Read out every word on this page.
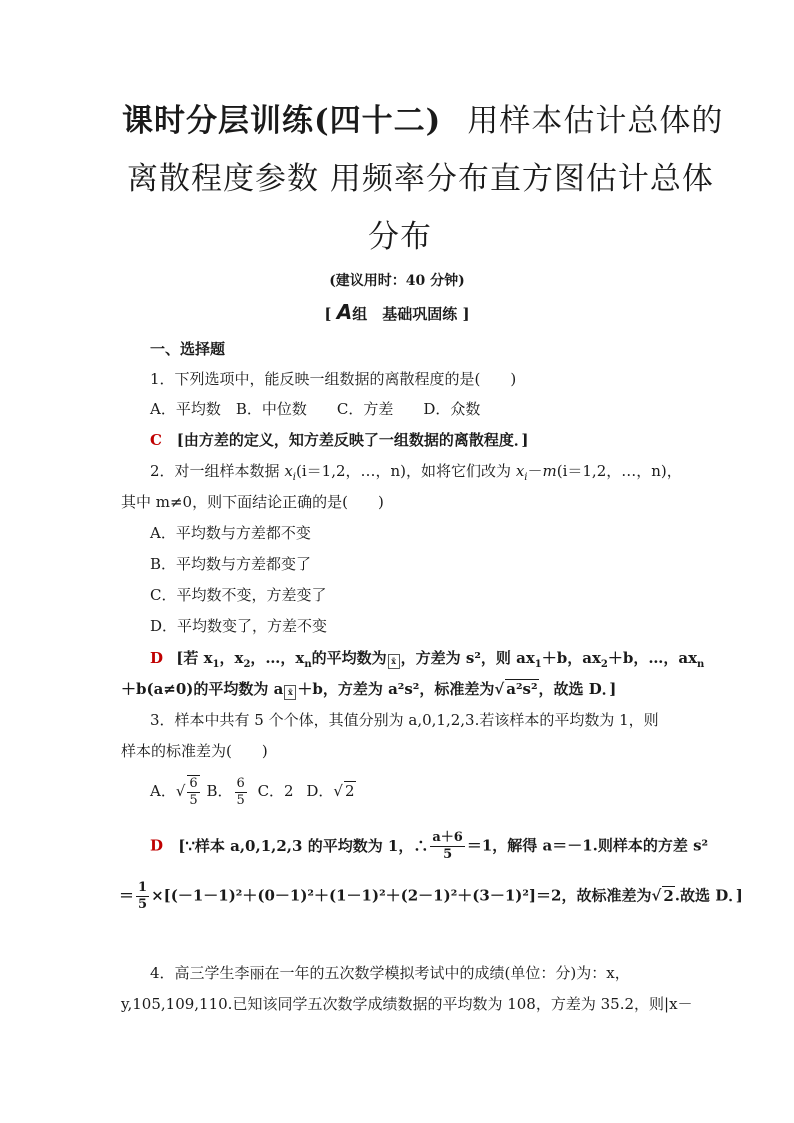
课时分层训练(四十二) 用样本估计总体的
离散程度参数 用频率分布直方图估计总体
分布
(建议用时：40 分钟)
[ A组　基础巩固练 ]
一、选择题
1．下列选项中，能反映一组数据的离散程度的是(　　)
A．平均数　B．中位数　　C．方差　　D．众数
C [由方差的定义，知方差反映了一组数据的离散程度．]
2．对一组样本数据 $x_i(i=1,2$，…，n)，如将它们改为 $x_i-m(i=1,2$，…，n)，
其中 m≠0，则下面结论正确的是(　　)
A．平均数与方差都不变
B．平均数与方差都变了
C．平均数不变，方差变了
D．平均数变了，方差不变
D [若 $x_1$，$x_2$，…，$x_n$的平均数为 x̄ ，方差为 s²，则 $ax_1+b$，$ax_2+b$，…，$ax_n$
＋b(a≠0)的平均数为 a x̄ ＋b，方差为 a²s²，标准差为√ a²s²，故选 D．]
3．样本中共有 5 个个体，其值分别为 a,0,1,2,3.若该样本的平均数为 1，则
样本的标准差为(　　)
A．√ $\frac{6}{5}$ B． $\frac{6}{5}$ C．2 D．√ 2
D [∵样本 a,0,1,2,3 的平均数为 1，∴ $\frac{a+6}{5} =1$，解得 a＝－1.则样本的方差 s²
＝ $\frac{1}{5} \times[(-1-1)^2+(0-1)^2+(1-1)^2+(2-1)^2+(3-1)^2]=2$，故标准差为√ 2.故选 D．]
4．高三学生李丽在一年的五次数学模拟考试中的成绩(单位：分)为：x，
y,105,109,110.已知该同学五次数学成绩数据的平均数为 108，方差为 35.2，则|x－
